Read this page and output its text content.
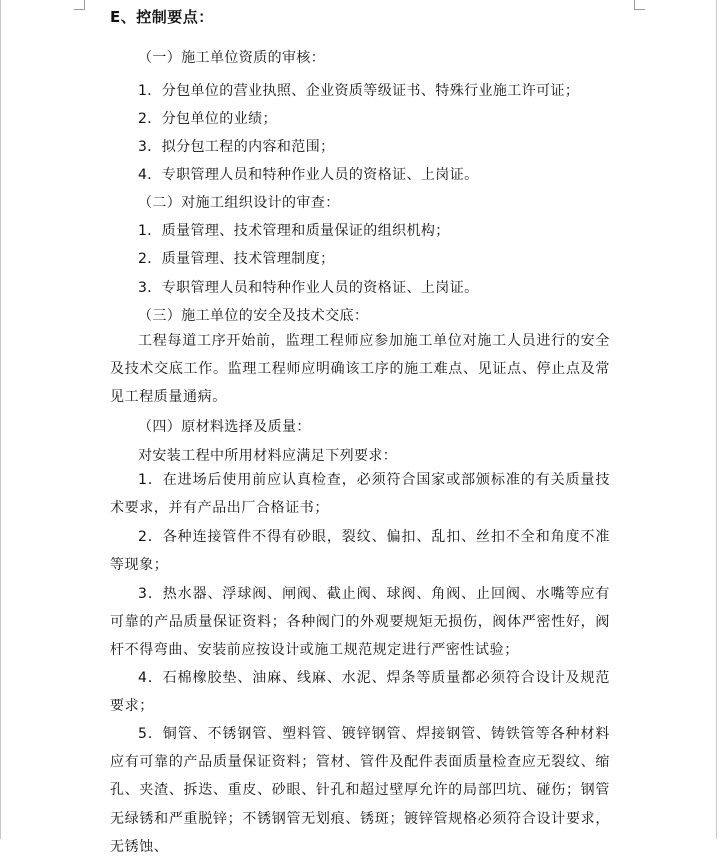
E、控制要点：
（一）施工单位资质的审核：
1．分包单位的营业执照、企业资质等级证书、特殊行业施工许可证；
2．分包单位的业绩；
3．拟分包工程的内容和范围；
4．专职管理人员和特种作业人员的资格证、上岗证。
（二）对施工组织设计的审查：
1．质量管理、技术管理和质量保证的组织机构；
2．质量管理、技术管理制度；
3．专职管理人员和特种作业人员的资格证、上岗证。
（三）施工单位的安全及技术交底：
工程每道工序开始前，监理工程师应参加施工单位对施工人员进行的安全及技术交底工作。监理工程师应明确该工序的施工难点、见证点、停止点及常见工程质量通病。
（四）原材料选择及质量：
对安装工程中所用材料应满足下列要求：
1．在进场后使用前应认真检查，必须符合国家或部颁标准的有关质量技术要求，并有产品出厂合格证书；
2．各种连接管件不得有砂眼，裂纹、偏扣、乱扣、丝扣不全和角度不准等现象；
3．热水器、浮球阀、闸阀、截止阀、球阀、角阀、止回阀、水嘴等应有可靠的产品质量保证资料；各种阀门的外观要规矩无损伤，阀体严密性好，阀杆不得弯曲、安装前应按设计或施工规范规定进行严密性试验；
4．石棉橡胶垫、油麻、线麻、水泥、焊条等质量都必须符合设计及规范要求；
5．铜管、不锈钢管、塑料管、镀锌钢管、焊接钢管、铸铁管等各种材料应有可靠的产品质量保证资料；管材、管件及配件表面质量检查应无裂纹、缩孔、夹渣、拆迭、重皮、砂眼、针孔和超过壁厚允许的局部凹坑、碰伤；钢管无绿锈和严重脱锌；不锈钢管无划痕、锈斑；镀锌管规格必须符合设计要求，无锈蚀、
